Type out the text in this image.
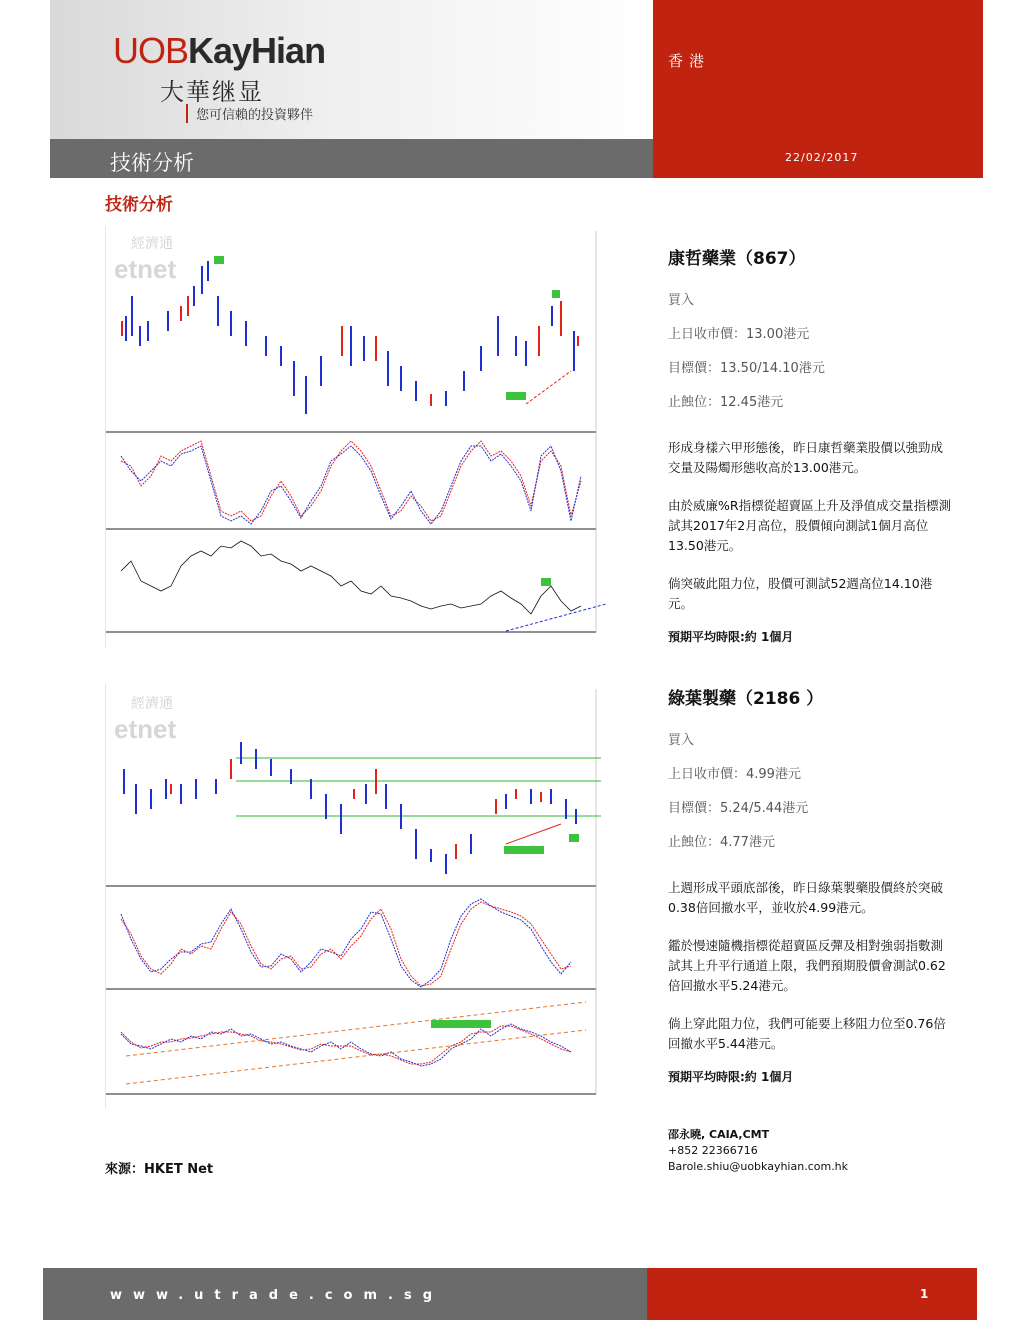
UOBKayHian
大華继显
您可信賴的投資夥伴
香港
技術分析	22/02/2017
技術分析
經濟通
etnet	康哲藥業（867）
買入
上日收市價：13.00港元
目標價：13.50/14.10港元
止蝕位：12.45港元
形成身樣六甲形態後，昨日康哲藥業股價以強勁成交量及陽燭形態收高於13.00港元。
由於威廉%R指標從超賣區上升及淨值成交量指標測試其2017年2月高位，股價傾向測試1個月高位13.50港元。
倘突破此阻力位，股價可測試52週高位14.10港元。
預期平均時限:約 1個月
經濟通
etnet
綠葉製藥（2186 ）
買入
上日收市價：4.99港元
目標價：5.24/5.44港元
止蝕位：4.77港元
上週形成平頭底部後，昨日綠葉製藥股價終於突破0.38倍回撤水平，並收於4.99港元。
鑑於慢速隨機指標從超賣區反彈及相對強弱指數測試其上升平行通道上限，我們預期股價會測試0.62倍回撤水平5.24港元。
倘上穿此阻力位，我們可能要上移阻力位至0.76倍回撤水平5.44港元。
預期平均時限:約 1個月
來源：HKET Net
邵永曉, CAIA,CMT
+852 22366716
Barole.shiu@uobkayhian.com.hk
www.utrade.com.sg	1
